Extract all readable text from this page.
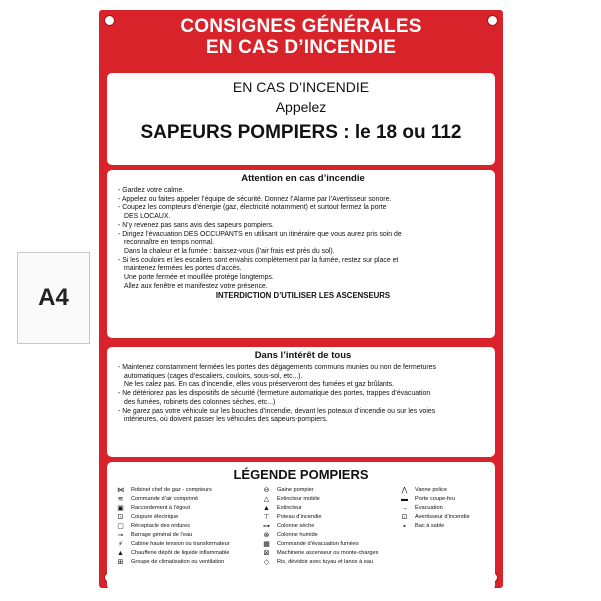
A4
CONSIGNES GÉNÉRALES
EN CAS D’INCENDIE
EN CAS D’INCENDIE
Appelez
SAPEURS POMPIERS : le 18 ou 112
Attention en cas d’incendie
- Gardez votre calme.
- Appelez ou faites appeler l’équipe de sécurité. Donnez l’Alarme par l’Avertisseur sonore.
- Coupez les compteurs d’énergie (gaz, électricité notamment) et surtout fermez la porte
DES LOCAUX.
- N’y revenez pas sans avis des sapeurs pompiers.
- Dirigez l’évacuation DES OCCUPANTS en utilisant un itinéraire que vous aurez pris soin de
reconnaître en temps normal.
Dans la chaleur et la fumée : baissez-vous (l’air frais est près du sol).
- Si les couloirs et les escaliers sont envahis complètement par la fumée, restez sur place et
maintenez fermées les portes d’accès.
Une porte fermée et mouillée protège longtemps.
Allez aux fenêtre et manifestez votre présence.
INTERDICTION D’UTILISER LES ASCENSEURS
Dans l’intérêt de tous
- Maintenez constamment fermées les portes des dégagements communs munies ou non de fermetures
automatiques (cages d’escaliers, couloirs, sous-sol, etc...).
Ne les calez pas. En cas d’incendie, elles vous préserveront des fumées et gaz brûlants.
- Ne détériorez pas les dispositifs de sécurité (fermeture automatique des portes, trappes d’évacuation
des fumées, robinets des colonnes sèches, etc...)
- Ne garez pas votre véhicule sur les bouches d’incendie, devant les poteaux d’incendie ou sur les voies
intérieures, où doivent passer les véhicules des sapeurs-pompiers.
LÉGENDE POMPIERS
⋈	Robinet chef de gaz - compteurs
≋	Commande d’air comprimé
▣	Raccordement à l’égout
⊡	Coupure électrique
▢	Réceptacle des ordures
⊸	Barrage général de l’eau
⚡	Cabine haute tension ou transformateur
▲	Chaufferie dépôt de liquide inflammable
⊞	Groupe de climatisation ou ventilation
⊖	Gaine pompier
△	Extincteur mobile
▲	Extincteur
⊤	Poteau d’incendie
⊶	Colonne sèche
⊗	Colonne humide
▦	Commande d’évacuation fumées
⊠	Machinerie ascenseur ou monte-charges
◇	Ris, dévidoir avec tuyau et lance à eau
⋀	Vanne police
▬	Porte coupe-feu
→	Évacuation
⊡	Avertisseur d’incendie
▪	Bac à sable
